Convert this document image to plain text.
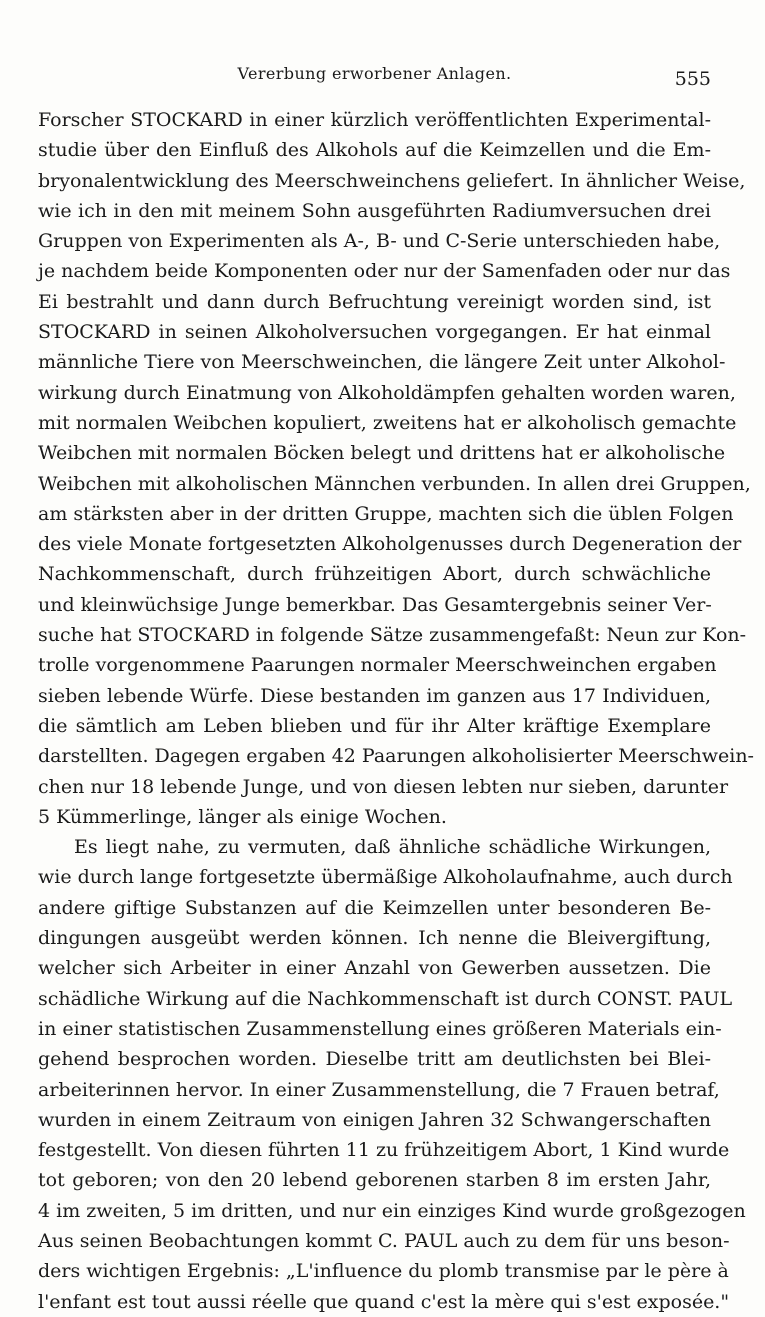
Vererbung erworbener Anlagen.	555
Forscher STOCKARD in einer kürzlich veröffentlichten Experimental-
studie über den Einfluß des Alkohols auf die Keimzellen und die Em-
bryonalentwicklung des Meerschweinchens geliefert. In ähnlicher Weise,
wie ich in den mit meinem Sohn ausgeführten Radiumversuchen drei
Gruppen von Experimenten als A-, B- und C-Serie unterschieden habe,
je nachdem beide Komponenten oder nur der Samenfaden oder nur das
Ei bestrahlt und dann durch Befruchtung vereinigt worden sind, ist
STOCKARD in seinen Alkoholversuchen vorgegangen. Er hat einmal
männliche Tiere von Meerschweinchen, die längere Zeit unter Alkohol-
wirkung durch Einatmung von Alkoholdämpfen gehalten worden waren,
mit normalen Weibchen kopuliert, zweitens hat er alkoholisch gemachte
Weibchen mit normalen Böcken belegt und drittens hat er alkoholische
Weibchen mit alkoholischen Männchen verbunden. In allen drei Gruppen,
am stärksten aber in der dritten Gruppe, machten sich die üblen Folgen
des viele Monate fortgesetzten Alkoholgenusses durch Degeneration der
Nachkommenschaft, durch frühzeitigen Abort, durch schwächliche
und kleinwüchsige Junge bemerkbar. Das Gesamtergebnis seiner Ver-
suche hat STOCKARD in folgende Sätze zusammengefaßt: Neun zur Kon-
trolle vorgenommene Paarungen normaler Meerschweinchen ergaben
sieben lebende Würfe. Diese bestanden im ganzen aus 17 Individuen,
die sämtlich am Leben blieben und für ihr Alter kräftige Exemplare
darstellten. Dagegen ergaben 42 Paarungen alkoholisierter Meerschwein-
chen nur 18 lebende Junge, und von diesen lebten nur sieben, darunter
5 Kümmerlinge, länger als einige Wochen.
Es liegt nahe, zu vermuten, daß ähnliche schädliche Wirkungen,
wie durch lange fortgesetzte übermäßige Alkoholaufnahme, auch durch
andere giftige Substanzen auf die Keimzellen unter besonderen Be-
dingungen ausgeübt werden können. Ich nenne die Bleivergiftung,
welcher sich Arbeiter in einer Anzahl von Gewerben aussetzen. Die
schädliche Wirkung auf die Nachkommenschaft ist durch CONST. PAUL
in einer statistischen Zusammenstellung eines größeren Materials ein-
gehend besprochen worden. Dieselbe tritt am deutlichsten bei Blei-
arbeiterinnen hervor. In einer Zusammenstellung, die 7 Frauen betraf,
wurden in einem Zeitraum von einigen Jahren 32 Schwangerschaften
festgestellt. Von diesen führten 11 zu frühzeitigem Abort, 1 Kind wurde
tot geboren; von den 20 lebend geborenen starben 8 im ersten Jahr,
4 im zweiten, 5 im dritten, und nur ein einziges Kind wurde großgezogen
Aus seinen Beobachtungen kommt C. PAUL auch zu dem für uns beson-
ders wichtigen Ergebnis: „L'influence du plomb transmise par le père à
l'enfant est tout aussi réelle que quand c'est la mère qui s'est exposée."
